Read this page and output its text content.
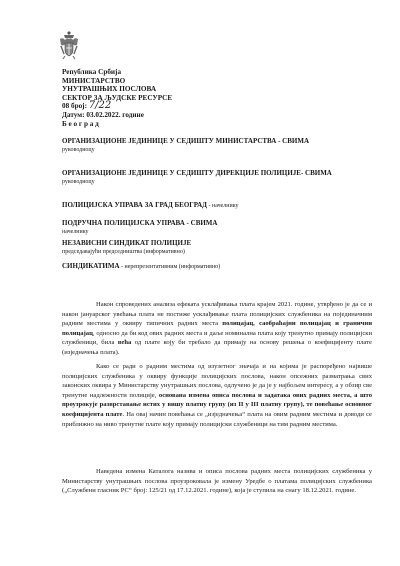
Република Србија
МИНИСТАРСТВО
УНУТРАШЊИХ ПОСЛОВА
СЕКТОР ЗА ЉУДСКЕ РЕСУРСЕ
08 број: 7/22
Датум: 03.02.2022. године
Б е о г р а д
ОРГАНИЗАЦИОНЕ ЈЕДИНИЦЕ У СЕДИШТУ МИНИСТАРСТВА - СВИМА
руководиоцу
ОРГАНИЗАЦИОНЕ ЈЕДИНИЦЕ У СЕДИШТУ ДИРЕКЦИЈЕ ПОЛИЦИЈЕ- СВИМА
руководиоцу
ПОЛИЦИЈСКА УПРАВА ЗА ГРАД БЕОГРАД - начелнику
ПОДРУЧНА ПОЛИЦИЈСКА УПРАВА - СВИМА
начелнику
НЕЗАВИСНИ СИНДИКАТ ПОЛИЦИЈЕ
председавајући председништва (информативно)
СИНДИКАТИМА - нерепрезентативним (информативно)
Након спроведених анализа ефеката усклађивања плата крајем 2021. године, утврђено је да се и након јануарског увећања плата не постиже усклађивање плата полицијских службеника на појединачним радним местима у оквиру типичних радних места полицајац, саобраћајни полицајац и гранични полицајац, односно да би код ових радних места и даље номинална плата коју тренутно примају полицијски службеници, била већа од плате коју би требало да примају на основу решења о коефицијенту плате (изједначења плата).
Како се ради о радним местима од изузетног значаја и на којима је распоређено највише полицијских службеника у оквиру функције полицијских послова, након опсежних разматрања свих законских оквира у Министарству унутрашњих послова, одлучено је да је у најбољем интересу, а у обзир све тренутне надлежности полиције, основана измена описа послова и задатака ових радних места, а што проузрокује разврставање истих у вишу платну групу (из II у III платну групу), те повећање основног коефицијента плате. На овај начин повећања се „изједначења“ плата на овим радним местима и доводи се приближно на ниво тренутне плате коју примају полицијски службеници на тим радним местима.
Наведена измена Каталога назива и описа послова радних места полицијских службеника у Министарству унутрашњих послова проузроковала је измену Уредбе о платама полицијских службеника („Службени гласник РС“ број: 125/21 од 17.12.2021. године), која је ступила на снагу 18.12.2021. године.
